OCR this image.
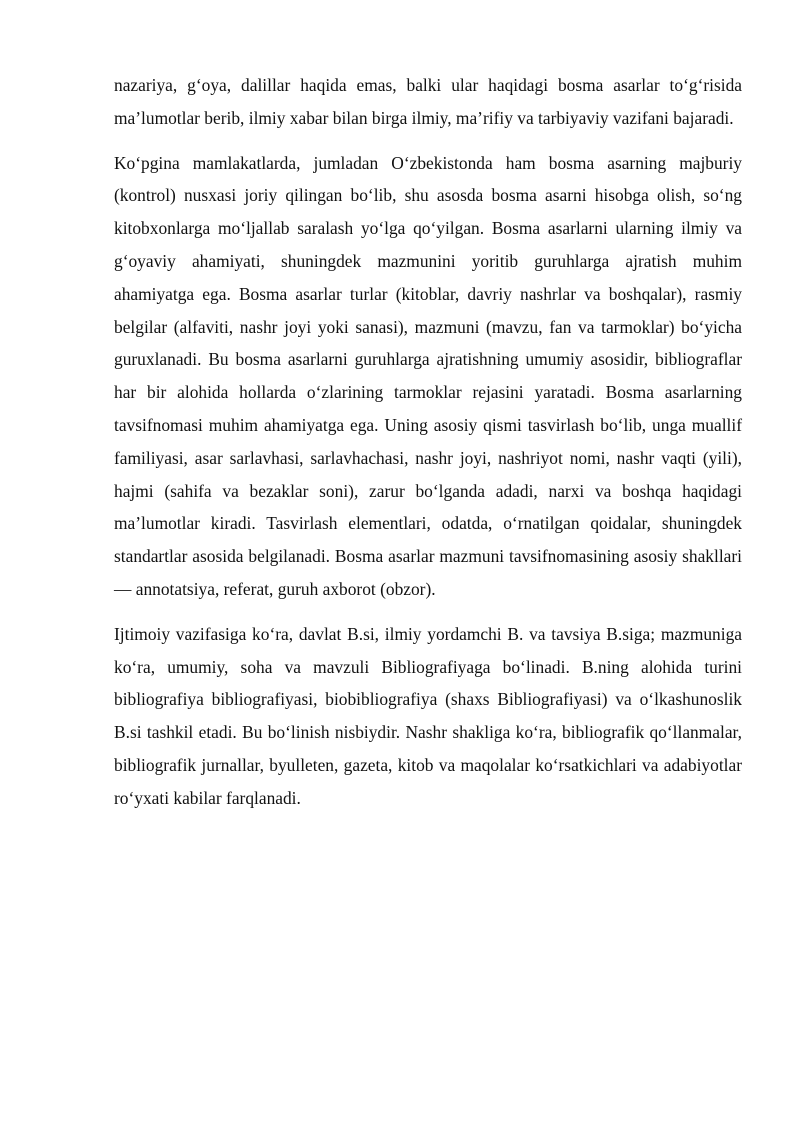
nazariya, g‘oya, dalillar haqida emas, balki ular haqidagi bosma asarlar to‘g‘risida ma’lumotlar berib, ilmiy xabar bilan birga ilmiy, ma’rifiy va tarbiyaviy vazifani bajaradi.

Ko‘pgina mamlakatlarda, jumladan O‘zbekistonda ham bosma asarning majburiy (kontrol) nusxasi joriy qilingan bo‘lib, shu asosda bosma asarni hisobga olish, so‘ng kitobxonlarga mo‘ljallab saralash yo‘lga qo‘yilgan. Bosma asarlarni ularning ilmiy va g‘oyaviy ahamiyati, shuningdek mazmunini yoritib guruhlarga ajratish muhim ahamiyatga ega. Bosma asarlar turlar (kitoblar, davriy nashrlar va boshqalar), rasmiy belgilar (alfaviti, nashr joyi yoki sanasi), mazmuni (mavzu, fan va tarmoklar) bo‘yicha guruxlanadi. Bu bosma asarlarni guruhlarga ajratishning umumiy asosidir, bibliograflar har bir alohida hollarda o‘zlarining tarmoklar rejasini yaratadi. Bosma asarlarning tavsifnomasi muhim ahamiyatga ega. Uning asosiy qismi tasvirlash bo‘lib, unga muallif familiyasi, asar sarlavhasi, sarlavhachasi, nashr joyi, nashriyot nomi, nashr vaqti (yili), hajmi (sahifa va bezaklar soni), zarur bo‘lganda adadi, narxi va boshqa haqidagi ma’lumotlar kiradi. Tasvirlash elementlari, odatda, o‘rnatilgan qoidalar, shuningdek standartlar asosida belgilanadi. Bosma asarlar mazmuni tavsifnomasining asosiy shakllari — annotatsiya, referat, guruh axborot (obzor).

Ijtimoiy vazifasiga ko‘ra, davlat B.si, ilmiy yordamchi B. va tavsiya B.siga; mazmuniga ko‘ra, umumiy, soha va mavzuli Bibliografiyaga bo‘linadi. B.ning alohida turini bibliografiya bibliografiyasi, biobibliografiya (shaxs Bibliografiyasi) va o‘lkashunoslik B.si tashkil etadi. Bu bo‘linish nisbiydir. Nashr shakliga ko‘ra, bibliografik qo‘llanmalar, bibliografik jurnallar, byulleten, gazeta, kitob va maqolalar ko‘rsatkichlari va adabiyotlar ro‘yxati kabilar farqlanadi.
